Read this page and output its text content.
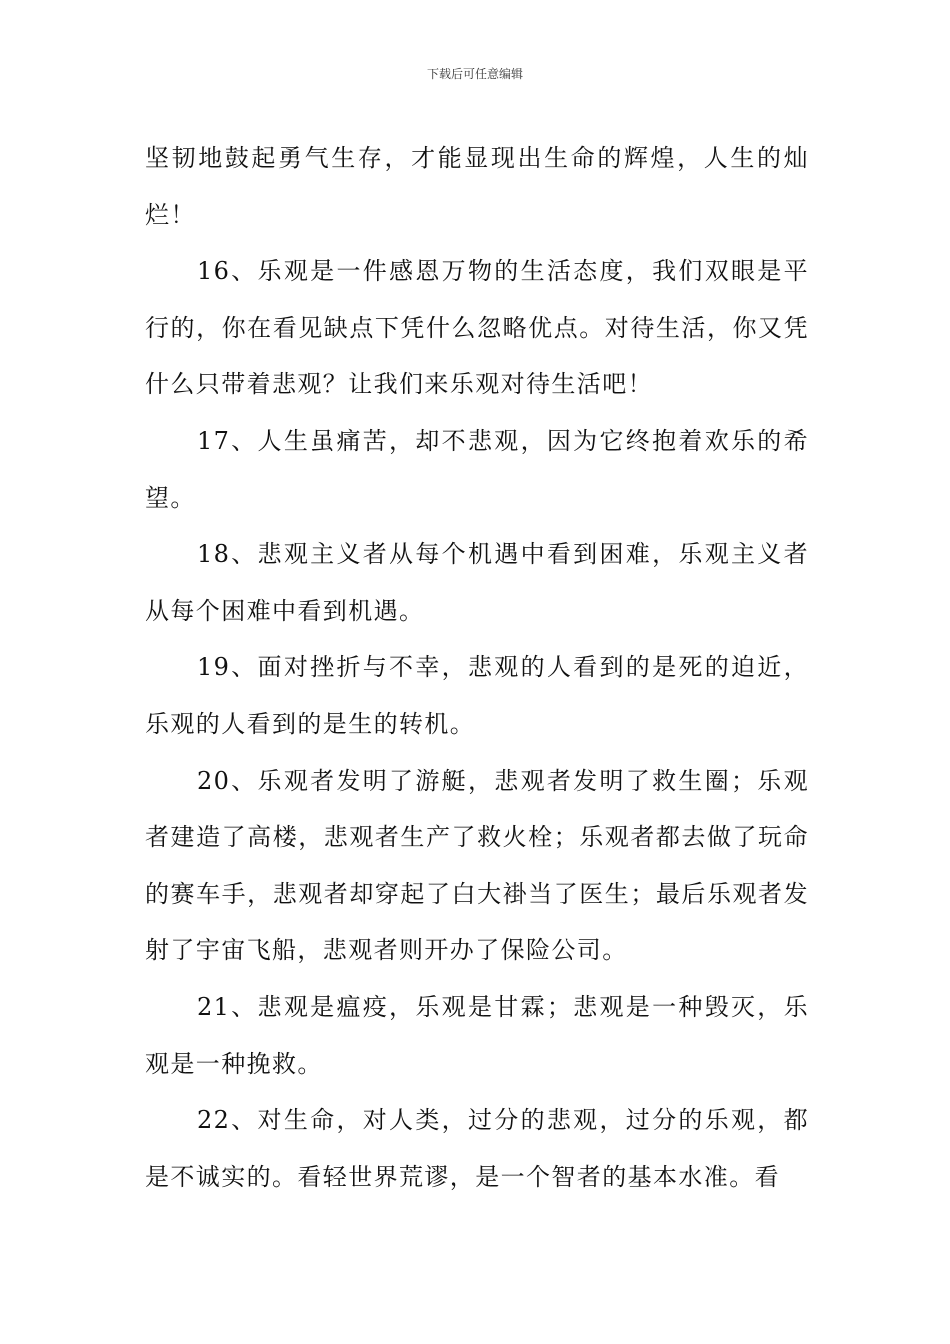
下载后可任意编辑

坚韧地鼓起勇气生存，才能显现出生命的辉煌，人生的灿烂！

16、乐观是一件感恩万物的生活态度，我们双眼是平行的，你在看见缺点下凭什么忽略优点。对待生活，你又凭什么只带着悲观？让我们来乐观对待生活吧！

17、人生虽痛苦，却不悲观，因为它终抱着欢乐的希望。

18、悲观主义者从每个机遇中看到困难，乐观主义者从每个困难中看到机遇。

19、面对挫折与不幸，悲观的人看到的是死的迫近，乐观的人看到的是生的转机。

20、乐观者发明了游艇，悲观者发明了救生圈；乐观者建造了高楼，悲观者生产了救火栓；乐观者都去做了玩命的赛车手，悲观者却穿起了白大褂当了医生；最后乐观者发射了宇宙飞船，悲观者则开办了保险公司。

21、悲观是瘟疫，乐观是甘霖；悲观是一种毁灭，乐观是一种挽救。

22、对生命，对人类，过分的悲观，过分的乐观，都是不诚实的。看轻世界荒谬，是一个智者的基本水准。看
